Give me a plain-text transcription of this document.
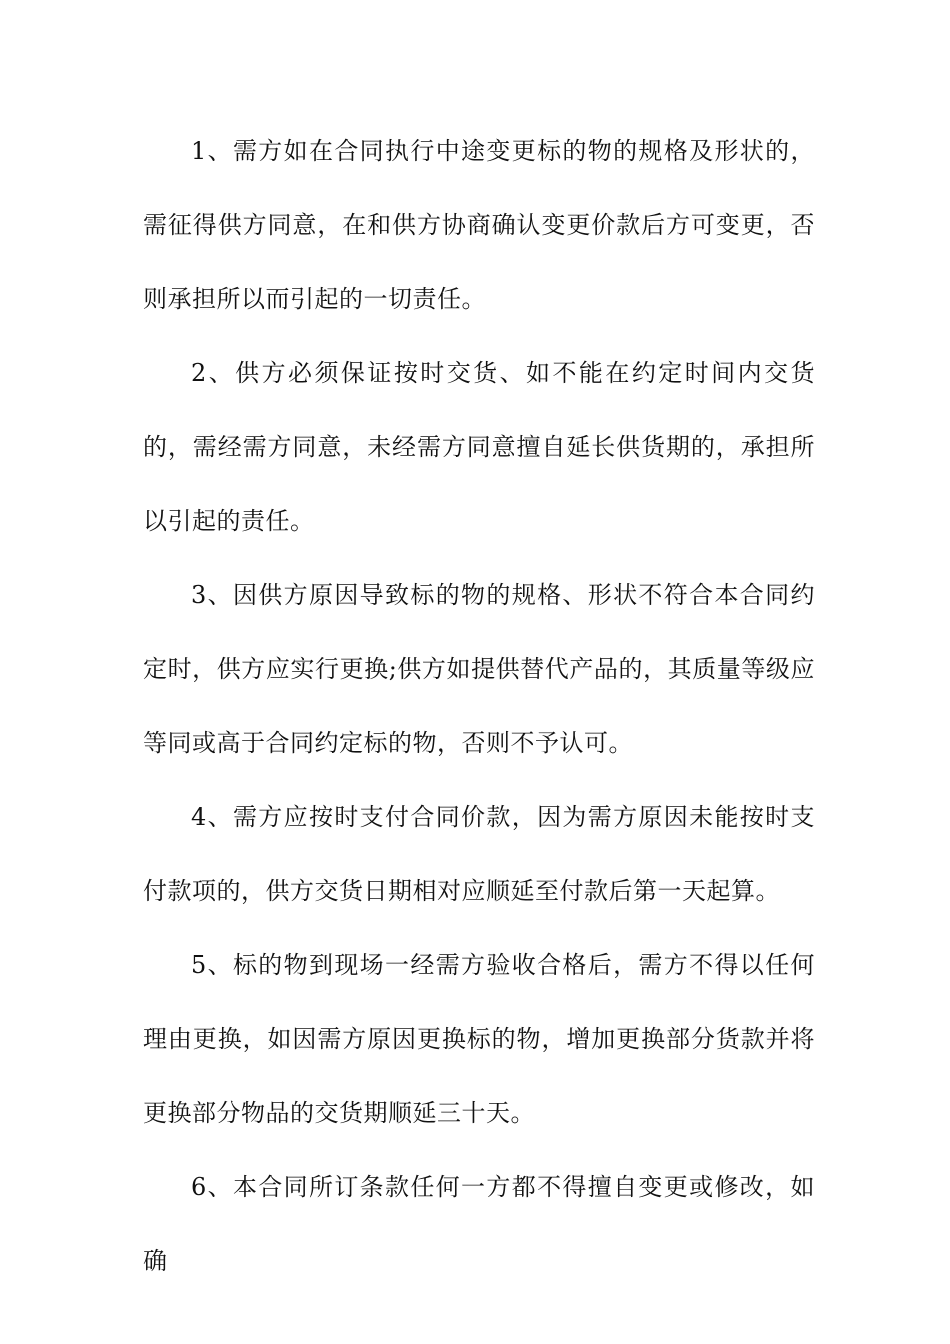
1、需方如在合同执行中途变更标的物的规格及形状的，需征得供方同意，在和供方协商确认变更价款后方可变更，否则承担所以而引起的一切责任。

2、供方必须保证按时交货、如不能在约定时间内交货的，需经需方同意，未经需方同意擅自延长供货期的，承担所以引起的责任。

3、因供方原因导致标的物的规格、形状不符合本合同约定时，供方应实行更换;供方如提供替代产品的，其质量等级应等同或高于合同约定标的物，否则不予认可。

4、需方应按时支付合同价款，因为需方原因未能按时支付款项的，供方交货日期相对应顺延至付款后第一天起算。

5、标的物到现场一经需方验收合格后，需方不得以任何理由更换，如因需方原因更换标的物，增加更换部分货款并将更换部分物品的交货期顺延三十天。

6、本合同所订条款任何一方都不得擅自变更或修改，如确
